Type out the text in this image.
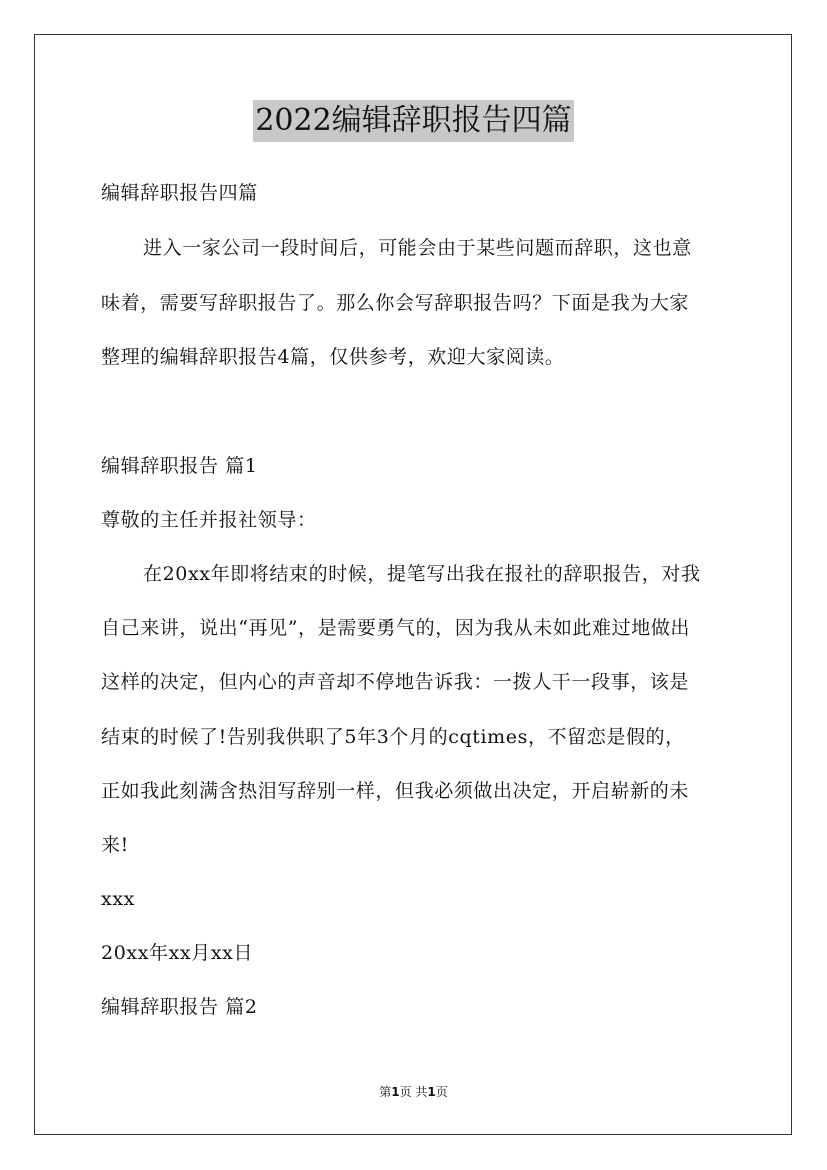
2022编辑辞职报告四篇
编辑辞职报告四篇
进入一家公司一段时间后，可能会由于某些问题而辞职，这也意
味着，需要写辞职报告了。那么你会写辞职报告吗？下面是我为大家
整理的编辑辞职报告4篇，仅供参考，欢迎大家阅读。
编辑辞职报告 篇1
尊敬的主任并报社领导：
在20xx年即将结束的时候，提笔写出我在报社的辞职报告，对我
自己来讲，说出“再见”，是需要勇气的，因为我从未如此难过地做出
这样的决定，但内心的声音却不停地告诉我：一拨人干一段事，该是
结束的时候了!告别我供职了5年3个月的cqtimes，不留恋是假的，
正如我此刻满含热泪写辞别一样，但我必须做出决定，开启崭新的未
来!
xxx
20xx年xx月xx日
编辑辞职报告 篇2
第1页 共1页
